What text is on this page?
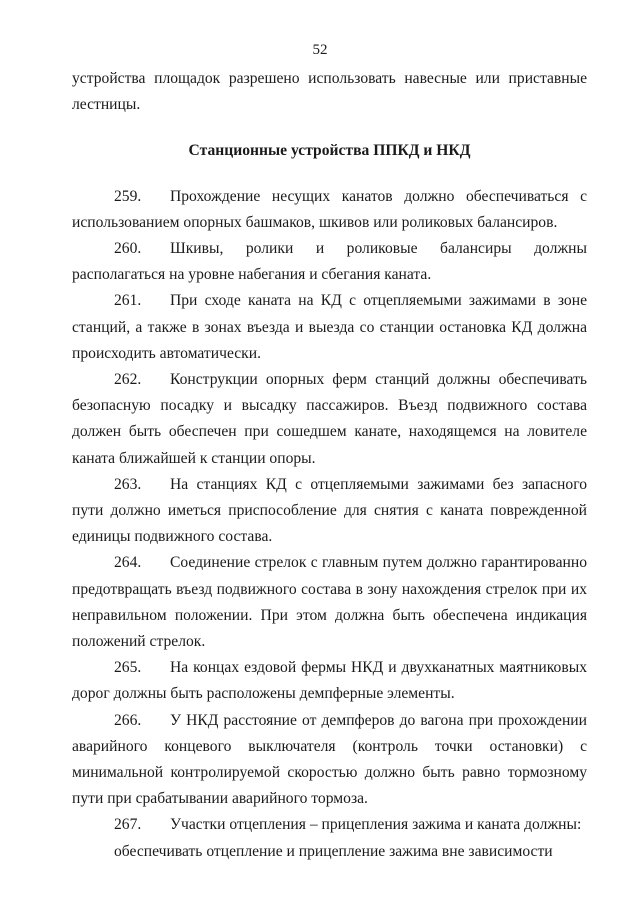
52

устройства площадок разрешено использовать навесные или приставные лестницы.

Станционные устройства ППКД и НКД

259. Прохождение несущих канатов должно обеспечиваться с использованием опорных башмаков, шкивов или роликовых балансиров.

260. Шкивы, ролики и роликовые балансиры должны располагаться на уровне набегания и сбегания каната.

261. При сходе каната на КД с отцепляемыми зажимами в зоне станций, а также в зонах въезда и выезда со станции остановка КД должна происходить автоматически.

262. Конструкции опорных ферм станций должны обеспечивать безопасную посадку и высадку пассажиров. Въезд подвижного состава должен быть обеспечен при сошедшем канате, находящемся на ловителе каната ближайшей к станции опоры.

263. На станциях КД с отцепляемыми зажимами без запасного пути должно иметься приспособление для снятия с каната поврежденной единицы подвижного состава.

264. Соединение стрелок с главным путем должно гарантированно предотвращать въезд подвижного состава в зону нахождения стрелок при их неправильном положении. При этом должна быть обеспечена индикация положений стрелок.

265. На концах ездовой фермы НКД и двухканатных маятниковых дорог должны быть расположены демпферные элементы.

266. У НКД расстояние от демпферов до вагона при прохождении аварийного концевого выключателя (контроль точки остановки) с минимальной контролируемой скоростью должно быть равно тормозному пути при срабатывании аварийного тормоза.

267. Участки отцепления – прицепления зажима и каната должны:

обеспечивать отцепление и прицепление зажима вне зависимости
